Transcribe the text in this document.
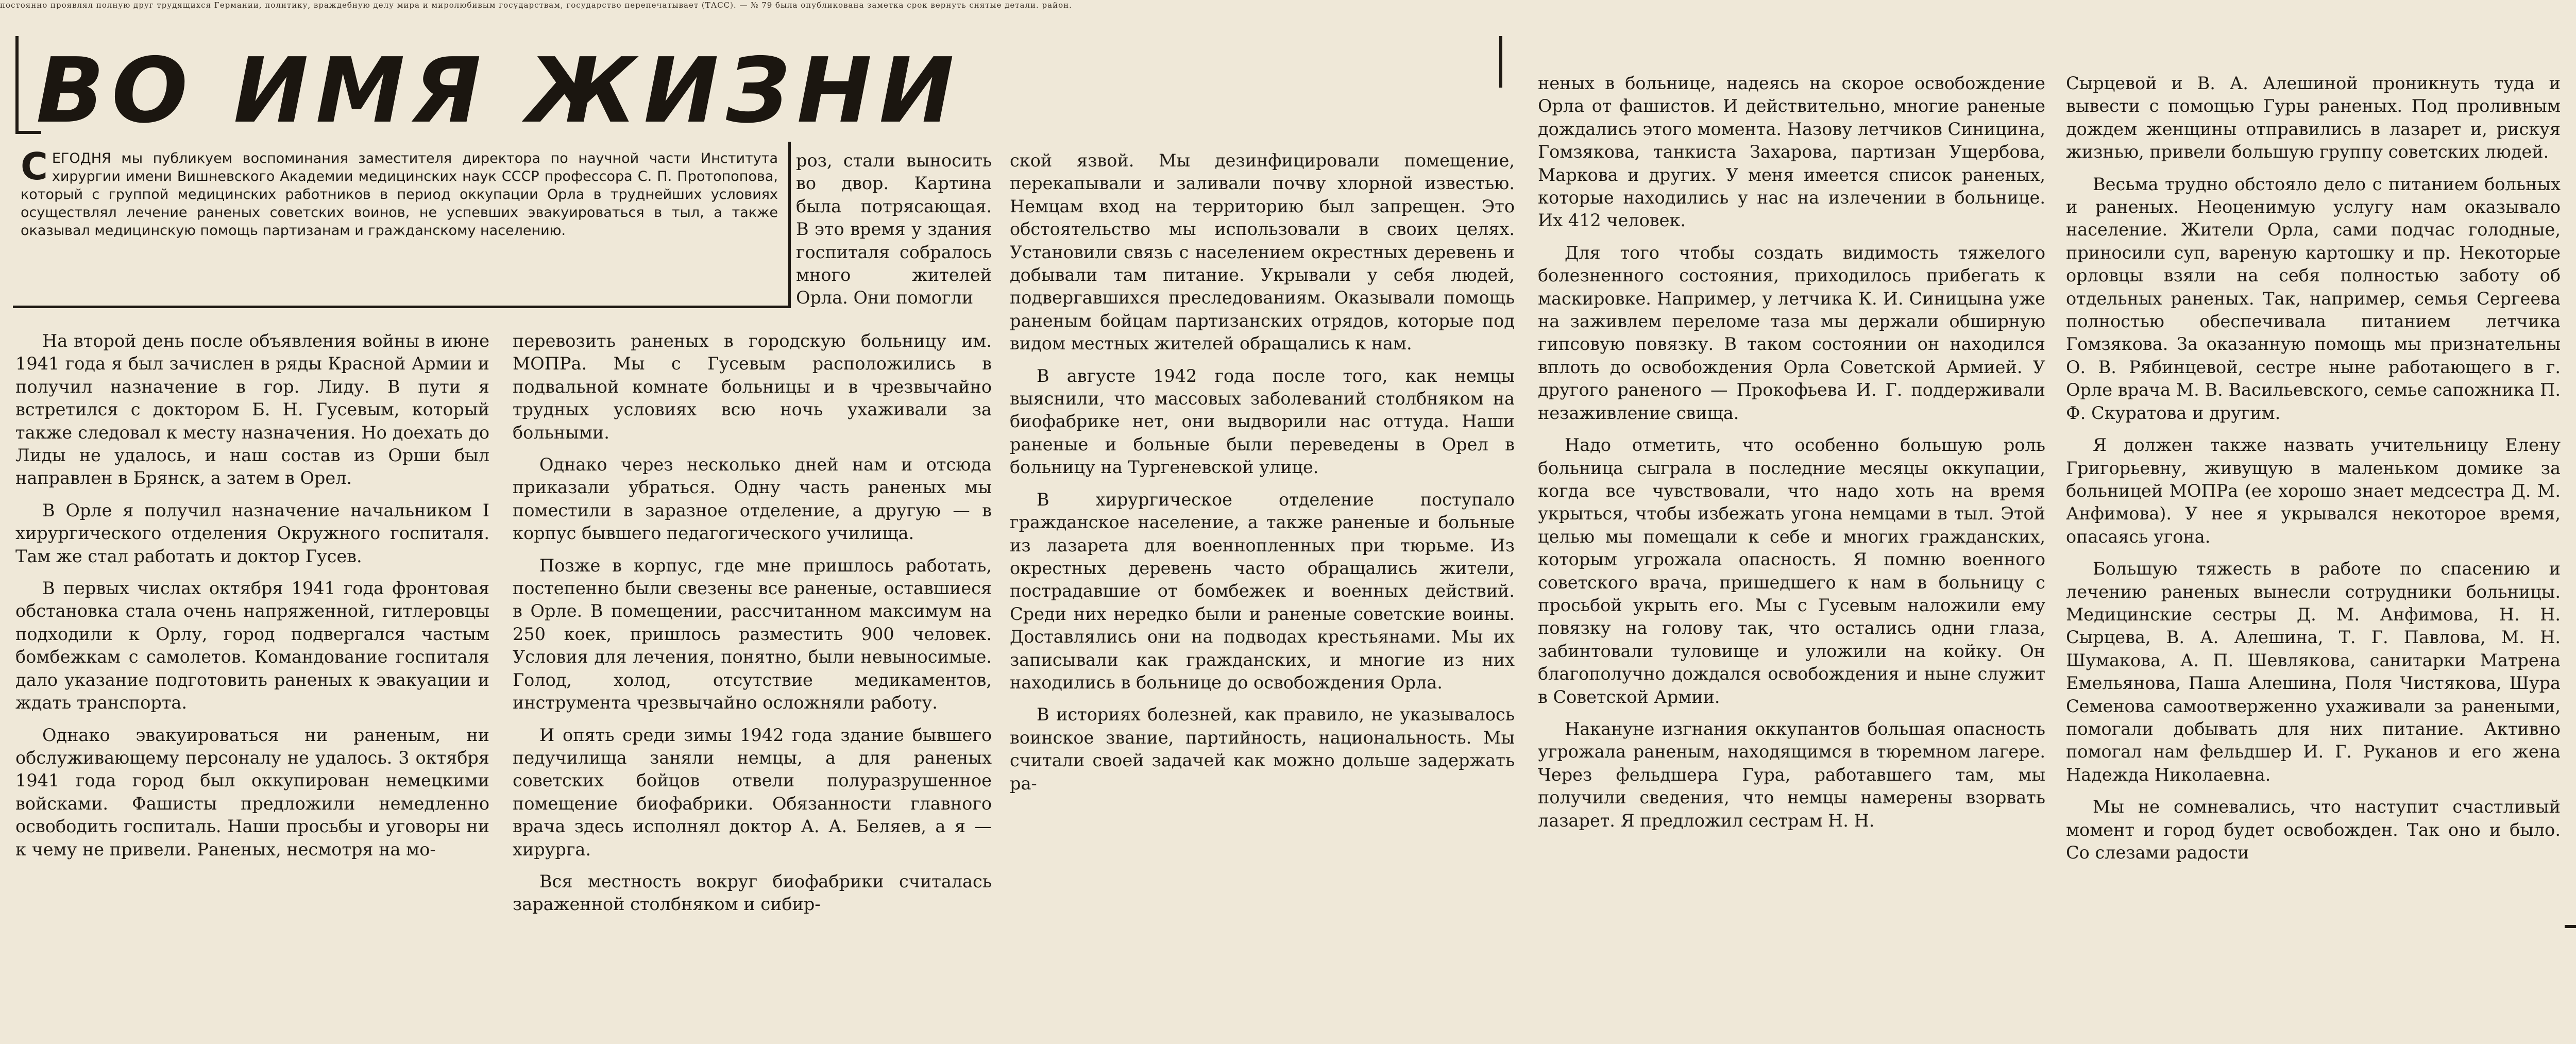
постоянно проявлял полную друг трудящихся Германии, политику, враждебную делу мира и миролюбивым государствам, государство перепечатывает (ТАСС). — № 79 была опубликована заметка срок вернуть снятые детали. район.
ВО ИМЯ ЖИЗНИ
СЕГОДНЯ мы публикуем воспоминания заместителя директора по научной части Института хирургии имени Вишневского Академии медицинских наук СССР профессора С. П. Протопопова, который с группой медицинских работников в период оккупации Орла в труднейших условиях осуществлял лечение раненых советских воинов, не успевших эвакуироваться в тыл, а также оказывал медицинскую помощь партизанам и гражданскому населению.

роз, стали выносить во двор. Картина была потрясающая. В это время у здания госпиталя собралось много жителей Орла. Они помогли

На второй день после объявления войны в июне 1941 года я был зачислен в ряды Красной Армии и получил назначение в гор. Лиду. В пути я встретился с доктором Б. Н. Гусевым, который также следовал к месту назначения. Но доехать до Лиды не удалось, и наш состав из Орши был направлен в Брянск, а затем в Орел.

В Орле я получил назначение начальником I хирургического отделения Окружного госпиталя. Там же стал работать и доктор Гусев.

В первых числах октября 1941 года фронтовая обстановка стала очень напряженной, гитлеровцы подходили к Орлу, город подвергался частым бомбежкам с самолетов. Командование госпиталя дало указание подготовить раненых к эвакуации и ждать транспорта.

Однако эвакуироваться ни раненым, ни обслуживающему персоналу не удалось. 3 октября 1941 года город был оккупирован немецкими войсками. Фашисты предложили немедленно освободить госпиталь. Наши просьбы и уговоры ни к чему не привели. Раненых, несмотря на мо-

перевозить раненых в городскую больницу им. МОПРа. Мы с Гусевым расположились в подвальной комнате больницы и в чрезвычайно трудных условиях всю ночь ухаживали за больными.

Однако через несколько дней нам и отсюда приказали убраться. Одну часть раненых мы поместили в заразное отделение, а другую — в корпус бывшего педагогического училища.

Позже в корпус, где мне пришлось работать, постепенно были свезены все раненые, оставшиеся в Орле. В помещении, рассчитанном максимум на 250 коек, пришлось разместить 900 человек. Условия для лечения, понятно, были невыносимые. Голод, холод, отсутствие медикаментов, инструмента чрезвычайно осложняли работу.

И опять среди зимы 1942 года здание бывшего педучилища заняли немцы, а для раненых советских бойцов отвели полуразрушенное помещение биофабрики. Обязанности главного врача здесь исполнял доктор А. А. Беляев, а я — хирурга.

Вся местность вокруг биофабрики считалась зараженной столбняком и сибир-

ской язвой. Мы дезинфицировали помещение, перекапывали и заливали почву хлорной известью. Немцам вход на территорию был запрещен. Это обстоятельство мы использовали в своих целях. Установили связь с населением окрестных деревень и добывали там питание. Укрывали у себя людей, подвергавшихся преследованиям. Оказывали помощь раненым бойцам партизанских отрядов, которые под видом местных жителей обращались к нам.

В августе 1942 года после того, как немцы выяснили, что массовых заболеваний столбняком на биофабрике нет, они выдворили нас оттуда. Наши раненые и больные были переведены в Орел в больницу на Тургеневской улице.

В хирургическое отделение поступало гражданское население, а также раненые и больные из лазарета для военнопленных при тюрьме. Из окрестных деревень часто обращались жители, пострадавшие от бомбежек и военных действий. Среди них нередко были и раненые советские воины. Доставлялись они на подводах крестьянами. Мы их записывали как гражданских, и многие из них находились в больнице до освобождения Орла.

В историях болезней, как правило, не указывалось воинское звание, партийность, национальность. Мы считали своей задачей как можно дольше задержать ра-

неных в больнице, надеясь на скорое освобождение Орла от фашистов. И действительно, многие раненые дождались этого момента. Назову летчиков Синицина, Гомзякова, танкиста Захарова, партизан Ущербова, Маркова и других. У меня имеется список раненых, которые находились у нас на излечении в больнице. Их 412 человек.

Для того чтобы создать видимость тяжелого болезненного состояния, приходилось прибегать к маскировке. Например, у летчика К. И. Синицына уже на заживлем переломе таза мы держали обширную гипсовую повязку. В таком состоянии он находился вплоть до освобождения Орла Советской Армией. У другого раненого — Прокофьева И. Г. поддерживали незаживление свища.

Надо отметить, что особенно большую роль больница сыграла в последние месяцы оккупации, когда все чувствовали, что надо хоть на время укрыться, чтобы избежать угона немцами в тыл. Этой целью мы помещали к себе и многих гражданских, которым угрожала опасность. Я помню военного советского врача, пришедшего к нам в больницу с просьбой укрыть его. Мы с Гусевым наложили ему повязку на голову так, что остались одни глаза, забинтовали туловище и уложили на койку. Он благополучно дождался освобождения и ныне служит в Советской Армии.

Накануне изгнания оккупантов большая опасность угрожала раненым, находящимся в тюремном лагере. Через фельдшера Гура, работавшего там, мы получили сведения, что немцы намерены взорвать лазарет. Я предложил сестрам Н. Н.

Сырцевой и В. А. Алешиной проникнуть туда и вывести с помощью Гуры раненых. Под проливным дождем женщины отправились в лазарет и, рискуя жизнью, привели большую группу советских людей.

Весьма трудно обстояло дело с питанием больных и раненых. Неоценимую услугу нам оказывало население. Жители Орла, сами подчас голодные, приносили суп, вареную картошку и пр. Некоторые орловцы взяли на себя полностью заботу об отдельных раненых. Так, например, семья Сергеева полностью обеспечивала питанием летчика Гомзякова. За оказанную помощь мы признательны О. В. Рябинцевой, сестре ныне работающего в г. Орле врача М. В. Васильевского, семье сапожника П. Ф. Скуратова и другим.

Я должен также назвать учительницу Елену Григорьевну, живущую в маленьком домике за больницей МОПРа (ее хорошо знает медсестра Д. М. Анфимова). У нее я укрывался некоторое время, опасаясь угона.

Большую тяжесть в работе по спасению и лечению раненых вынесли сотрудники больницы. Медицинские сестры Д. М. Анфимова, Н. Н. Сырцева, В. А. Алешина, Т. Г. Павлова, М. Н. Шумакова, А. П. Шевлякова, санитарки Матрена Емельянова, Паша Алешина, Поля Чистякова, Шура Семенова самоотверженно ухаживали за ранеными, помогали добывать для них питание. Активно помогал нам фельдшер И. Г. Руканов и его жена Надежда Николаевна.

Мы не сомневались, что наступит счастливый момент и город будет освобожден. Так оно и было. Со слезами радости
